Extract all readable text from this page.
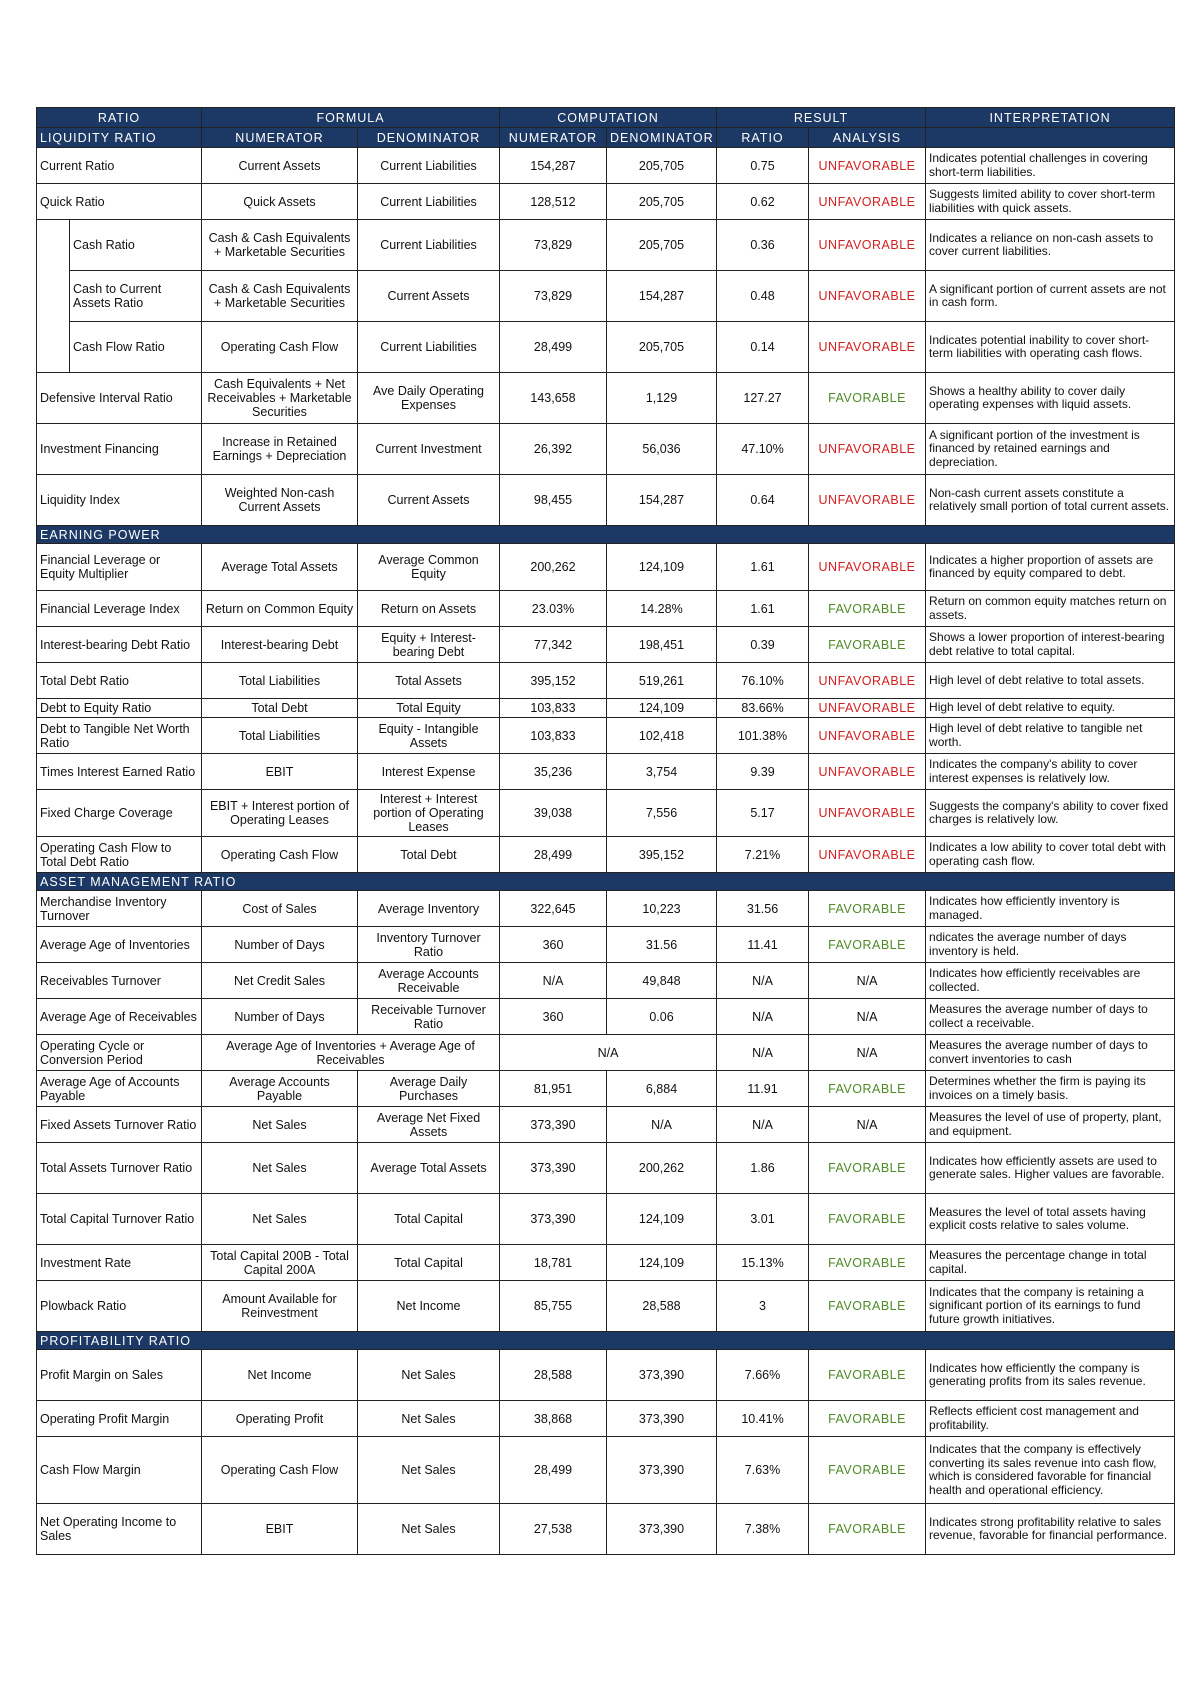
RATIO		FORMULA		COMPUTATION		RESULT		INTERPRETATION
LIQUIDITY RATIO		NUMERATOR	DENOMINATOR	NUMERATOR	DENOMINATOR	RATIO	ANALYSIS	
Current Ratio		Current Assets	Current Liabilities	154,287	205,705	0.75	UNFAVORABLE	Indicates potential challenges in covering short-term liabilities.
Quick Ratio		Quick Assets	Current Liabilities	128,512	205,705	0.62	UNFAVORABLE	Suggests limited ability to cover short-term liabilities with quick assets.
	Cash Ratio	Cash & Cash Equivalents + Marketable Securities	Current Liabilities	73,829	205,705	0.36	UNFAVORABLE	Indicates a reliance on non-cash assets to cover current liabilities.
	Cash to Current Assets Ratio	Cash & Cash Equivalents + Marketable Securities	Current Assets	73,829	154,287	0.48	UNFAVORABLE	A significant portion of current assets are not in cash form.
	Cash Flow Ratio	Operating Cash Flow	Current Liabilities	28,499	205,705	0.14	UNFAVORABLE	Indicates potential inability to cover short-term liabilities with operating cash flows.
Defensive Interval Ratio		Cash Equivalents + Net Receivables + Marketable Securities	Ave Daily Operating Expenses	143,658	1,129	127.27	FAVORABLE	Shows a healthy ability to cover daily operating expenses with liquid assets.
Investment Financing		Increase in Retained Earnings + Depreciation	Current Investment	26,392	56,036	47.10%	UNFAVORABLE	A significant portion of the investment is financed by retained earnings and depreciation.
Liquidity Index		Weighted Non-cash Current Assets	Current Assets	98,455	154,287	0.64	UNFAVORABLE	Non-cash current assets constitute a relatively small portion of total current assets.
EARNING POWER								
Financial Leverage or Equity Multiplier		Average Total Assets	Average Common Equity	200,262	124,109	1.61	UNFAVORABLE	Indicates a higher proportion of assets are financed by equity compared to debt.
Financial Leverage Index		Return on Common Equity	Return on Assets	23.03%	14.28%	1.61	FAVORABLE	Return on common equity matches return on assets.
Interest-bearing Debt Ratio		Interest-bearing Debt	Equity + Interest-bearing Debt	77,342	198,451	0.39	FAVORABLE	Shows a lower proportion of interest-bearing debt relative to total capital.
Total Debt Ratio		Total Liabilities	Total Assets	395,152	519,261	76.10%	UNFAVORABLE	High level of debt relative to total assets.
Debt to Equity Ratio		Total Debt	Total Equity	103,833	124,109	83.66%	UNFAVORABLE	High level of debt relative to equity.
Debt to Tangible Net Worth Ratio		Total Liabilities	Equity - Intangible Assets	103,833	102,418	101.38%	UNFAVORABLE	High level of debt relative to tangible net worth.
Times Interest Earned Ratio		EBIT	Interest Expense	35,236	3,754	9.39	UNFAVORABLE	Indicates the company's ability to cover interest expenses is relatively low.
Fixed Charge Coverage		EBIT + Interest portion of Operating Leases	Interest + Interest portion of Operating Leases	39,038	7,556	5.17	UNFAVORABLE	Suggests the company's ability to cover fixed charges is relatively low.
Operating Cash Flow to Total Debt Ratio		Operating Cash Flow	Total Debt	28,499	395,152	7.21%	UNFAVORABLE	Indicates a low ability to cover total debt with operating cash flow.
ASSET MANAGEMENT RATIO								
Merchandise Inventory Turnover		Cost of Sales	Average Inventory	322,645	10,223	31.56	FAVORABLE	Indicates how efficiently inventory is managed.
Average Age of Inventories		Number of Days	Inventory Turnover Ratio	360	31.56	11.41	FAVORABLE	ndicates the average number of days inventory is held.
Receivables Turnover		Net Credit Sales	Average Accounts Receivable	N/A	49,848	N/A	N/A	Indicates how efficiently receivables are collected.
Average Age of Receivables		Number of Days	Receivable Turnover Ratio	360	0.06	N/A	N/A	Measures the average number of days to collect a receivable.
Operating Cycle or Conversion Period		Average Age of Inventories + Average Age of Receivables		N/A		N/A	N/A	Measures the average number of days to convert inventories to cash
Average Age of Accounts Payable		Average Accounts Payable	Average Daily Purchases	81,951	6,884	11.91	FAVORABLE	Determines whether the firm is paying its invoices on a timely basis.
Fixed Assets Turnover Ratio		Net Sales	Average Net Fixed Assets	373,390	N/A	N/A	N/A	Measures the level of use of property, plant, and equipment.
Total Assets Turnover Ratio		Net Sales	Average Total Assets	373,390	200,262	1.86	FAVORABLE	Indicates how efficiently assets are used to generate sales. Higher values are favorable.
Total Capital Turnover Ratio		Net Sales	Total Capital	373,390	124,109	3.01	FAVORABLE	Measures the level of total assets having explicit costs relative to sales volume.
Investment Rate		Total Capital 200B - Total Capital 200A	Total Capital	18,781	124,109	15.13%	FAVORABLE	Measures the percentage change in total capital.
Plowback Ratio		Amount Available for Reinvestment	Net Income	85,755	28,588	3	FAVORABLE	Indicates that the company is retaining a significant portion of its earnings to fund future growth initiatives.
PROFITABILITY RATIO								
Profit Margin on Sales		Net Income	Net Sales	28,588	373,390	7.66%	FAVORABLE	Indicates how efficiently the company is generating profits from its sales revenue.
Operating Profit Margin		Operating Profit	Net Sales	38,868	373,390	10.41%	FAVORABLE	Reflects efficient cost management and profitability.
Cash Flow Margin		Operating Cash Flow	Net Sales	28,499	373,390	7.63%	FAVORABLE	Indicates that the company is effectively converting its sales revenue into cash flow, which is considered favorable for financial health and operational efficiency.
Net Operating Income to Sales		EBIT	Net Sales	27,538	373,390	7.38%	FAVORABLE	Indicates strong profitability relative to sales revenue, favorable for financial performance.
